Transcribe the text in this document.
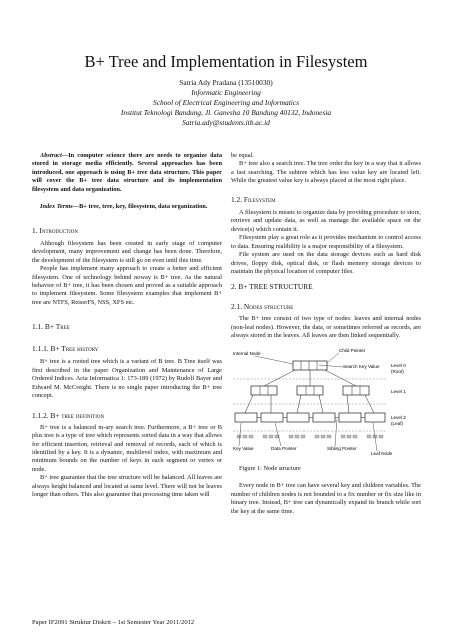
B+ Tree and Implementation in Filesystem
Satria Ady Pradana (13510030)
Informatic Engineering
School of Electrical Engineering and Informatics
Institut Teknologi Bandung, Jl. Ganesha 10 Bandung 40132, Indonesia
Satria.ady@students.itb.ac.id

Abstract—In computer science there are needs to organize data stored in storage media efficiently. Several approaches has been introduced, one approach is using B+ tree data structure. This paper will cover the B+ tree data structure and its implementation filesystem and data organization.

Index Terms—B+ tree, tree, key, filesystem, data organization.

1. Introduction

Although filesystem has been created in early stage of computer development, many improvement and change has been done. Therefore, the development of the filesystem is still go on even until this time.

People has implement many approach to create a better and efficient filesystem. One of technology behind noway is B+ tree. As the natural behavior of B+ tree, it has been chosen and proved as a suitable approach to implement filesystem. Some filesystem examples that implement B+ tree are NTFS, ReiserFS, NSS, XFS etc.

1.1. B+ Tree
1.1.1. B+ Tree history

B+ tree is a rooted tree which is a variant of B tree. B Tree itself was first described in the paper Organization and Maintenance of Large Ordered Indices. Acta Informatica 1: 173-189 (1972) by Rudolf Bayer and Edward M. McCreight. There is no single paper introducing the B+ tree concept.

1.1.2. B+ tree definition

B+ tree is a balanced m-ary search tree. Furthermore, a B+ tree or B plus tree is a type of tree which represents sorted data in a way that allows for efficient insertion, retrieval and removal of records, each of which is identified by a key. It is a dynamic, multilevel index, with maximum and minimum bounds on the number of keys in each segment or vertex or node.

B+ tree guarantee that the tree structure will be balanced. All leaves are always height balanced and located at same level. There will not be leaves longer than others. This also guarantee that processing time taken will

be equal.

B+ tree also a search tree. The tree order the key in a way that it allows a fast searching. The subtree which has less value key are located left. While the greatest value key is always placed at the most right place.

1.2. Filesystem

A filesystem is means to organize data by providing procedure to store, retrieve and update data, as well as manage the available space on the device(s) which contain it.

Filesystem play a great role as it provides mechanism to control access to data. Ensuring realibility is a major responsibility of a filesystem.

File system are used on the data storage devices such as hard disk drives, floppy disk, optical disk, or flash memory storage devices to maintain the physical location of computer files.

2. B+ TREE STRUCTURE
2.1. Nodes structure

The B+ tree consist of two type of nodes: leaves and internal nodes (non-leaf nodes). However, the data, or sometimes referred as records, are always stored in the leaves. All leaves are then linked sequentially.

Internal Node
Child Pointer
Search Key Value	Level 0
(Root)
Level 1
Level 2
(Leaf)
Key Value	Data Pointer	Sibling Pointer
Leaf Node
Figure 1: Node structure

Every node in B+ tree can have several key and children variables. The number of children nodes is not bounded to a fix number or fix size like in binary tree. Instead, B+ tree can dynamically expand its branch while sort the key at the same time.

Paper IF2091 Struktur Diskrit – 1st Semester Year 2011/2012
